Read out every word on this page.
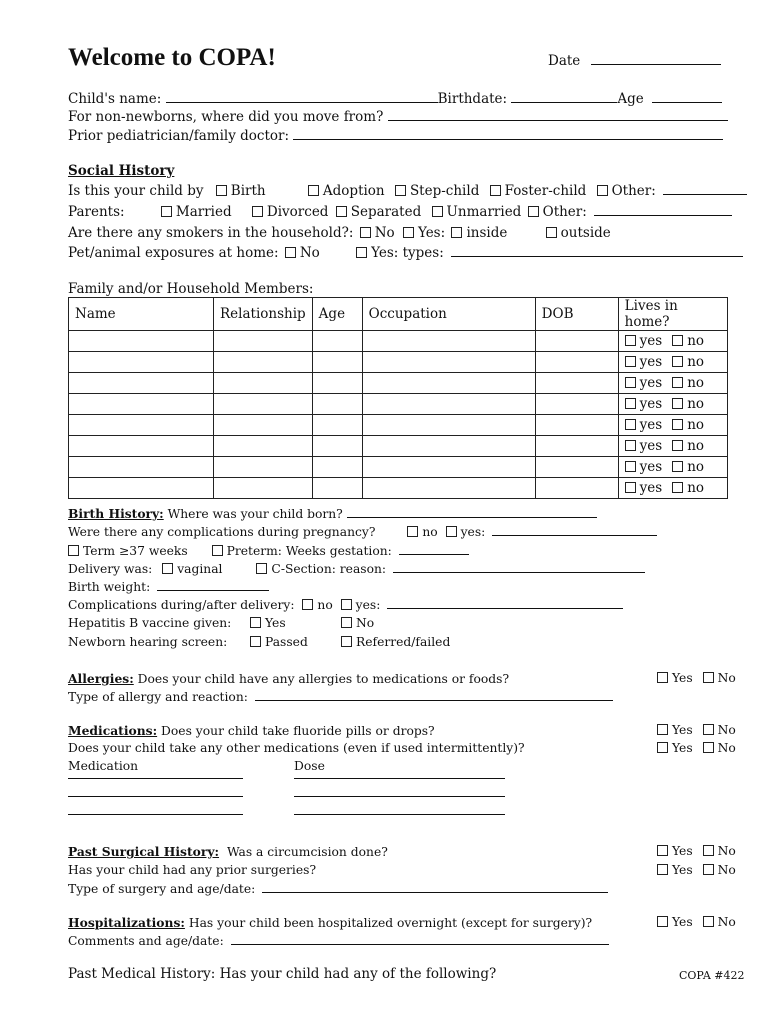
Welcome to COPA!	Date
Child's name:	Birthdate:	Age
For non-newborns, where did you move from?
Prior pediatrician/family doctor:
Social History
Is this your child by Birth	Adoption Step-child Foster-child Other:
Parents:	Married	Divorced Separated Unmarried Other:
Are there any smokers in the household?: No Yes: inside	outside
Pet/animal exposures at home: No	Yes: types:
Family and/or Household Members:
Name	Relationship	Age	Occupation	DOB	Lives in home?
					yes no
					yes no
					yes no
					yes no
					yes no
					yes no
					yes no
					yes no
Birth History: Where was your child born?
Were there any complications during pregnancy?	no yes:
Term ≥37 weeks	Preterm: Weeks gestation:
Delivery was: vaginal	C-Section: reason:
Birth weight:
Complications during/after delivery: no yes:
Hepatitis B vaccine given:	Yes	No
Newborn hearing screen:	Passed	Referred/failed
Allergies: Does your child have any allergies to medications or foods?	Yes No
Type of allergy and reaction:
Medications: Does your child take fluoride pills or drops?	Yes No
Does your child take any other medications (even if used intermittently)?	Yes No
Medication	Dose
Past Surgical History: Was a circumcision done?	Yes No
Has your child had any prior surgeries?	Yes No
Type of surgery and age/date:
Hospitalizations: Has your child been hospitalized overnight (except for surgery)?	Yes No
Comments and age/date:
Past Medical History: Has your child had any of the following?	COPA #422
